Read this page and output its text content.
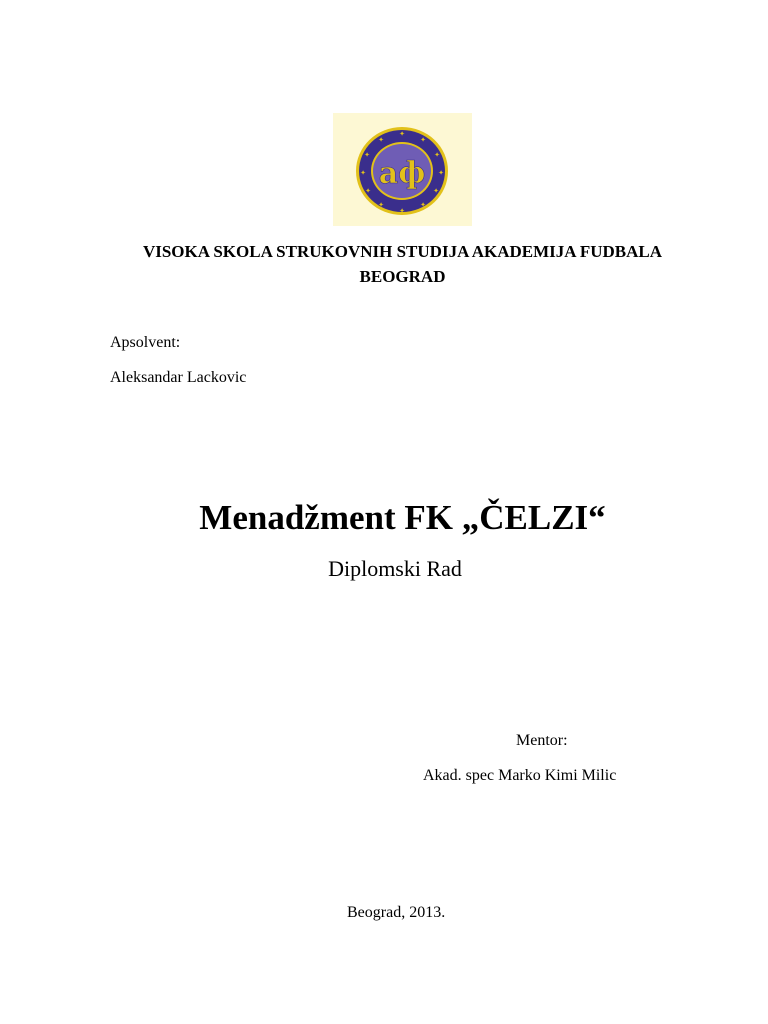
✦
✦
✦
✦
✦
✦
✦
✦
✦
✦
✦
✦
аф
VISOKA SKOLA STRUKOVNIH STUDIJA AKADEMIJA FUDBALA
BEOGRAD

Apsolvent:

Aleksandar Lackovic

Menadžment FK „ČELZI“

Diplomski Rad

Mentor:

Akad. spec Marko Kimi Milic

Beograd, 2013.
